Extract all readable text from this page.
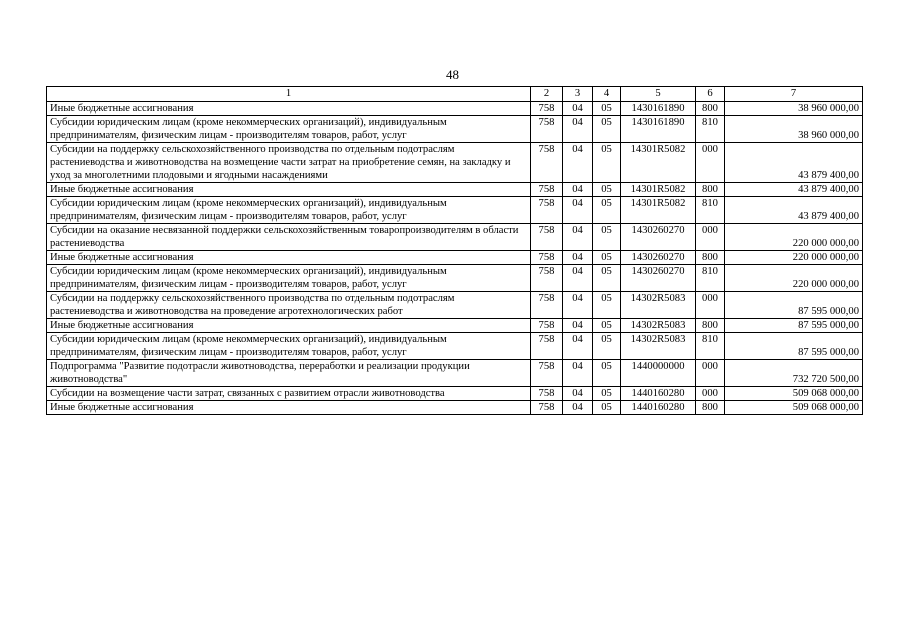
48
1	2	3	4	5	6	7
Иные бюджетные ассигнования	758	04	05	1430161890	800	38 960 000,00
Субсидии юридическим лицам (кроме некоммерческих организаций), индивидуальным предпринимателям, физическим лицам - производителям товаров, работ, услуг	758	04	05	1430161890	810	38 960 000,00
Субсидии на поддержку сельскохозяйственного производства по отдельным подотраслям растениеводства и животноводства на возмещение части затрат на приобретение семян, на закладку и уход за многолетними плодовыми и ягодными насаждениями	758	04	05	14301R5082	000	43 879 400,00
Иные бюджетные ассигнования	758	04	05	14301R5082	800	43 879 400,00
Субсидии юридическим лицам (кроме некоммерческих организаций), индивидуальным предпринимателям, физическим лицам - производителям товаров, работ, услуг	758	04	05	14301R5082	810	43 879 400,00
Субсидии на оказание несвязанной поддержки сельскохозяйственным товаропроизводителям в области растениеводства	758	04	05	1430260270	000	220 000 000,00
Иные бюджетные ассигнования	758	04	05	1430260270	800	220 000 000,00
Субсидии юридическим лицам (кроме некоммерческих организаций), индивидуальным предпринимателям, физическим лицам - производителям товаров, работ, услуг	758	04	05	1430260270	810	220 000 000,00
Субсидии на поддержку сельскохозяйственного производства по отдельным подотраслям растениеводства и животноводства на проведение агротехнологических работ	758	04	05	14302R5083	000	87 595 000,00
Иные бюджетные ассигнования	758	04	05	14302R5083	800	87 595 000,00
Субсидии юридическим лицам (кроме некоммерческих организаций), индивидуальным предпринимателям, физическим лицам - производителям товаров, работ, услуг	758	04	05	14302R5083	810	87 595 000,00
Подпрограмма "Развитие подотрасли животноводства, переработки и реализации продукции животноводства"	758	04	05	1440000000	000	732 720 500,00
Субсидии на возмещение части затрат, связанных с развитием отрасли животноводства	758	04	05	1440160280	000	509 068 000,00
Иные бюджетные ассигнования	758	04	05	1440160280	800	509 068 000,00
